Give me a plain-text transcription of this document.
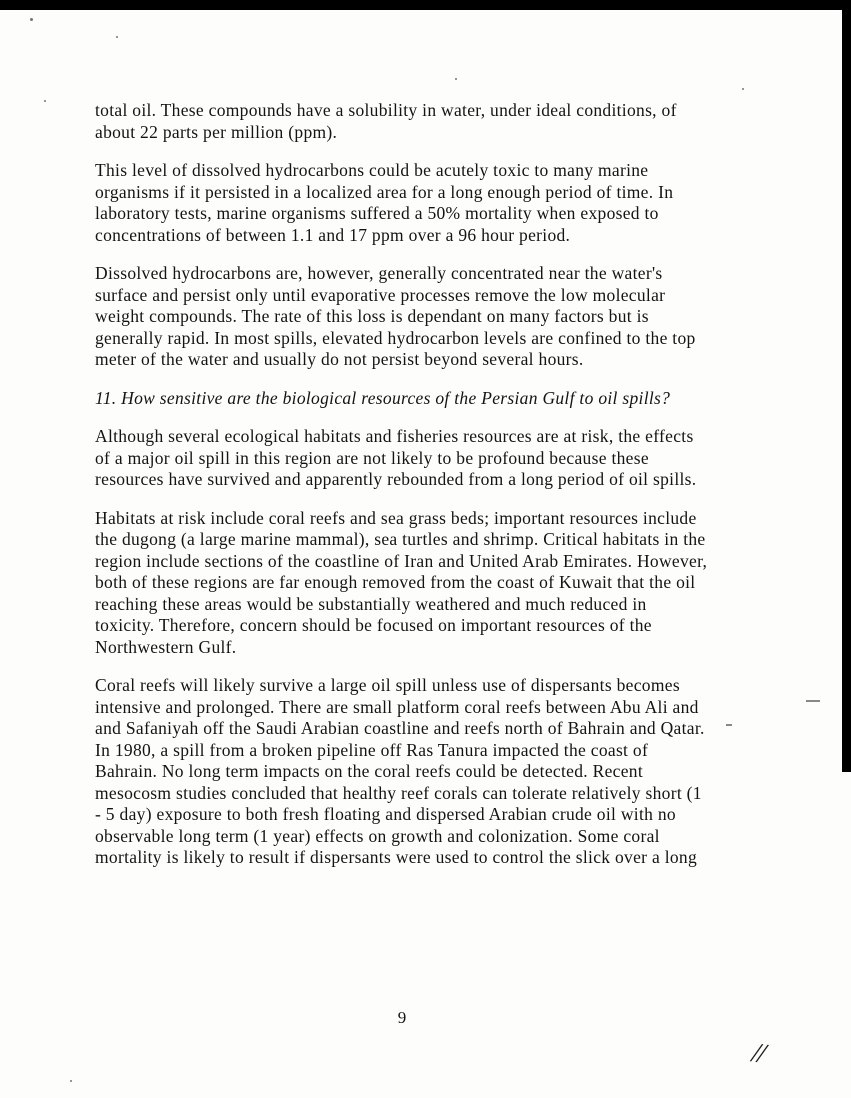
total oil. These compounds have a solubility in water, under ideal conditions, of about 22 parts per million (ppm).

This level of dissolved hydrocarbons could be acutely toxic to many marine organisms if it persisted in a localized area for a long enough period of time. In laboratory tests, marine organisms suffered a 50% mortality when exposed to concentrations of between 1.1 and 17 ppm over a 96 hour period.

Dissolved hydrocarbons are, however, generally concentrated near the water's surface and persist only until evaporative processes remove the low molecular weight compounds. The rate of this loss is dependant on many factors but is generally rapid. In most spills, elevated hydrocarbon levels are confined to the top meter of the water and usually do not persist beyond several hours.

11. How sensitive are the biological resources of the Persian Gulf to oil spills?

Although several ecological habitats and fisheries resources are at risk, the effects of a major oil spill in this region are not likely to be profound because these resources have survived and apparently rebounded from a long period of oil spills.

Habitats at risk include coral reefs and sea grass beds; important resources include the dugong (a large marine mammal), sea turtles and shrimp. Critical habitats in the region include sections of the coastline of Iran and United Arab Emirates. However, both of these regions are far enough removed from the coast of Kuwait that the oil reaching these areas would be substantially weathered and much reduced in toxicity. Therefore, concern should be focused on important resources of the Northwestern Gulf.

Coral reefs will likely survive a large oil spill unless use of dispersants becomes intensive and prolonged. There are small platform coral reefs between Abu Ali and and Safaniyah off the Saudi Arabian coastline and reefs north of Bahrain and Qatar. In 1980, a spill from a broken pipeline off Ras Tanura impacted the coast of Bahrain. No long term impacts on the coral reefs could be detected. Recent mesocosm studies concluded that healthy reef corals can tolerate relatively short (1 - 5 day) exposure to both fresh floating and dispersed Arabian crude oil with no observable long term (1 year) effects on growth and colonization. Some coral mortality is likely to result if dispersants were used to control the slick over a long

9
//
